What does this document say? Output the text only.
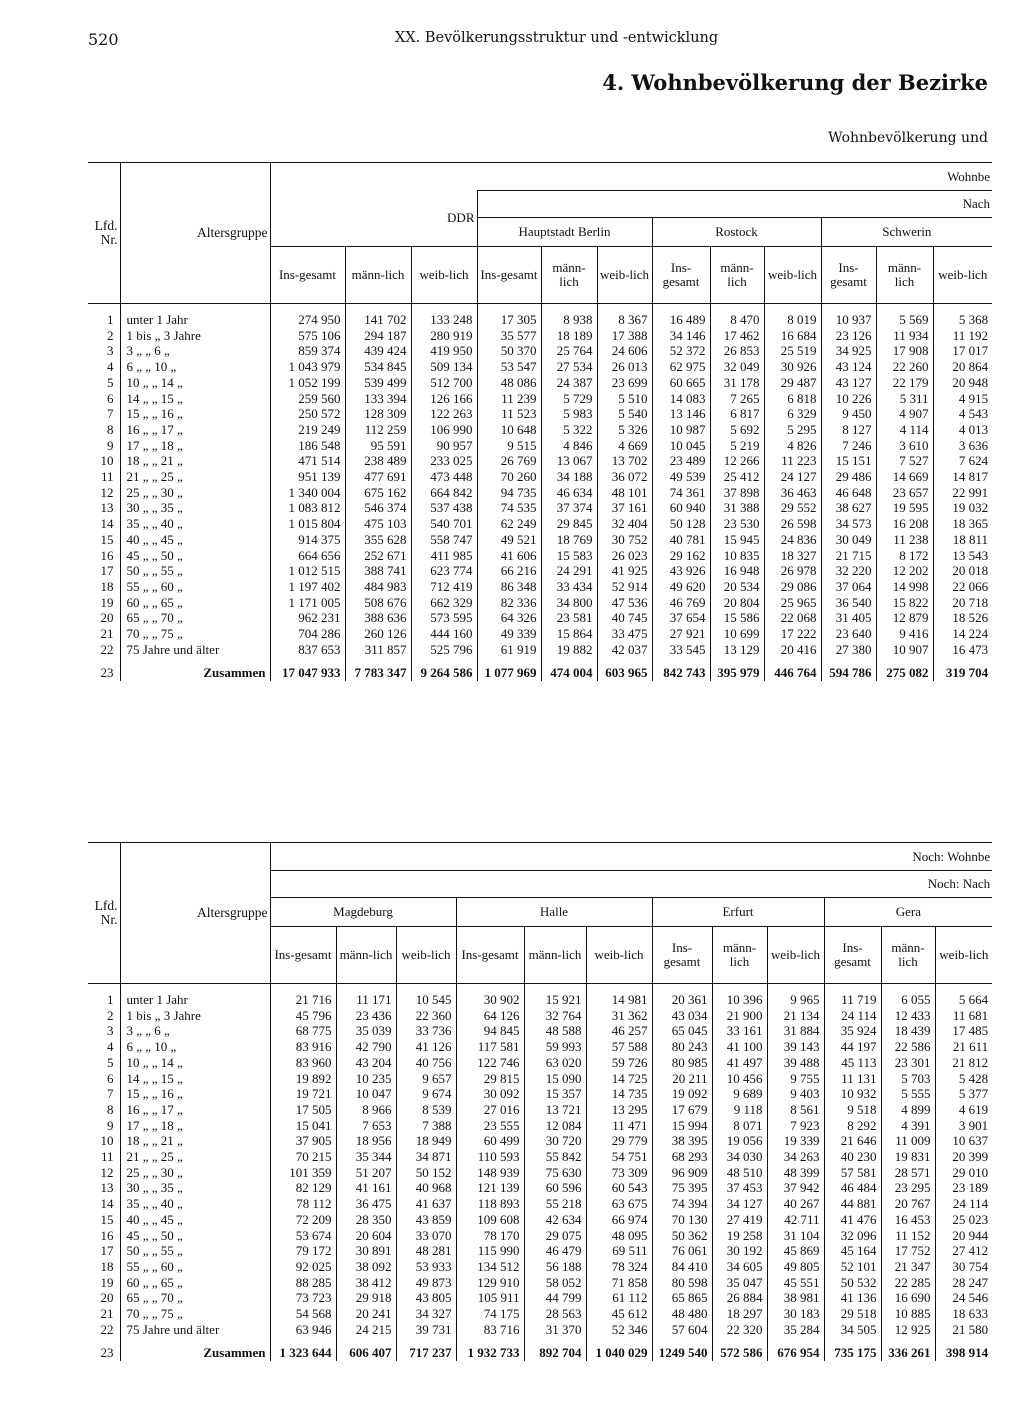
520	XX. Bevölkerungsstruktur und -entwicklung
4. Wohnbevölkerung der Bezirke
Wohnbevölkerung und
Lfd. Nr.	Altersgruppe	Wohnbe											
		DDR			Nach								
					Hauptstadt Berlin			Rostock			Schwerin		
		Ins-gesamt	männ-lich	weib-lich	Ins-gesamt	männ-lich	weib-lich	Ins-gesamt	männ-lich	weib-lich	Ins-gesamt	männ-lich	weib-lich

1	unter 1 Jahr	274 950	141 702	133 248	17 305	8 938	8 367	16 489	8 470	8 019	10 937	5 569	5 368
2	1 bis „ 3 Jahre	575 106	294 187	280 919	35 577	18 189	17 388	34 146	17 462	16 684	23 126	11 934	11 192
3	3 „ „ 6 „	859 374	439 424	419 950	50 370	25 764	24 606	52 372	26 853	25 519	34 925	17 908	17 017
4	6 „ „ 10 „	1 043 979	534 845	509 134	53 547	27 534	26 013	62 975	32 049	30 926	43 124	22 260	20 864
5	10 „ „ 14 „	1 052 199	539 499	512 700	48 086	24 387	23 699	60 665	31 178	29 487	43 127	22 179	20 948
6	14 „ „ 15 „	259 560	133 394	126 166	11 239	5 729	5 510	14 083	7 265	6 818	10 226	5 311	4 915
7	15 „ „ 16 „	250 572	128 309	122 263	11 523	5 983	5 540	13 146	6 817	6 329	9 450	4 907	4 543
8	16 „ „ 17 „	219 249	112 259	106 990	10 648	5 322	5 326	10 987	5 692	5 295	8 127	4 114	4 013
9	17 „ „ 18 „	186 548	95 591	90 957	9 515	4 846	4 669	10 045	5 219	4 826	7 246	3 610	3 636
10	18 „ „ 21 „	471 514	238 489	233 025	26 769	13 067	13 702	23 489	12 266	11 223	15 151	7 527	7 624
11	21 „ „ 25 „	951 139	477 691	473 448	70 260	34 188	36 072	49 539	25 412	24 127	29 486	14 669	14 817
12	25 „ „ 30 „	1 340 004	675 162	664 842	94 735	46 634	48 101	74 361	37 898	36 463	46 648	23 657	22 991
13	30 „ „ 35 „	1 083 812	546 374	537 438	74 535	37 374	37 161	60 940	31 388	29 552	38 627	19 595	19 032
14	35 „ „ 40 „	1 015 804	475 103	540 701	62 249	29 845	32 404	50 128	23 530	26 598	34 573	16 208	18 365
15	40 „ „ 45 „	914 375	355 628	558 747	49 521	18 769	30 752	40 781	15 945	24 836	30 049	11 238	18 811
16	45 „ „ 50 „	664 656	252 671	411 985	41 606	15 583	26 023	29 162	10 835	18 327	21 715	8 172	13 543
17	50 „ „ 55 „	1 012 515	388 741	623 774	66 216	24 291	41 925	43 926	16 948	26 978	32 220	12 202	20 018
18	55 „ „ 60 „	1 197 402	484 983	712 419	86 348	33 434	52 914	49 620	20 534	29 086	37 064	14 998	22 066
19	60 „ „ 65 „	1 171 005	508 676	662 329	82 336	34 800	47 536	46 769	20 804	25 965	36 540	15 822	20 718
20	65 „ „ 70 „	962 231	388 636	573 595	64 326	23 581	40 745	37 654	15 586	22 068	31 405	12 879	18 526
21	70 „ „ 75 „	704 286	260 126	444 160	49 339	15 864	33 475	27 921	10 699	17 222	23 640	9 416	14 224
22	75 Jahre und älter	837 653	311 857	525 796	61 919	19 882	42 037	33 545	13 129	20 416	27 380	10 907	16 473

23	Zusammen	17 047 933	7 783 347	9 264 586	1 077 969	474 004	603 965	842 743	395 979	446 764	594 786	275 082	319 704
Lfd. Nr.	Altersgruppe	Noch: Wohnbe											
		Noch: Nach											
		Magdeburg			Halle			Erfurt			Gera		
		Ins-gesamt	männ-lich	weib-lich	Ins-gesamt	männ-lich	weib-lich	Ins-gesamt	männ-lich	weib-lich	Ins-gesamt	männ-lich	weib-lich

1	unter 1 Jahr	21 716	11 171	10 545	30 902	15 921	14 981	20 361	10 396	9 965	11 719	6 055	5 664
2	1 bis „ 3 Jahre	45 796	23 436	22 360	64 126	32 764	31 362	43 034	21 900	21 134	24 114	12 433	11 681
3	3 „ „ 6 „	68 775	35 039	33 736	94 845	48 588	46 257	65 045	33 161	31 884	35 924	18 439	17 485
4	6 „ „ 10 „	83 916	42 790	41 126	117 581	59 993	57 588	80 243	41 100	39 143	44 197	22 586	21 611
5	10 „ „ 14 „	83 960	43 204	40 756	122 746	63 020	59 726	80 985	41 497	39 488	45 113	23 301	21 812
6	14 „ „ 15 „	19 892	10 235	9 657	29 815	15 090	14 725	20 211	10 456	9 755	11 131	5 703	5 428
7	15 „ „ 16 „	19 721	10 047	9 674	30 092	15 357	14 735	19 092	9 689	9 403	10 932	5 555	5 377
8	16 „ „ 17 „	17 505	8 966	8 539	27 016	13 721	13 295	17 679	9 118	8 561	9 518	4 899	4 619
9	17 „ „ 18 „	15 041	7 653	7 388	23 555	12 084	11 471	15 994	8 071	7 923	8 292	4 391	3 901
10	18 „ „ 21 „	37 905	18 956	18 949	60 499	30 720	29 779	38 395	19 056	19 339	21 646	11 009	10 637
11	21 „ „ 25 „	70 215	35 344	34 871	110 593	55 842	54 751	68 293	34 030	34 263	40 230	19 831	20 399
12	25 „ „ 30 „	101 359	51 207	50 152	148 939	75 630	73 309	96 909	48 510	48 399	57 581	28 571	29 010
13	30 „ „ 35 „	82 129	41 161	40 968	121 139	60 596	60 543	75 395	37 453	37 942	46 484	23 295	23 189
14	35 „ „ 40 „	78 112	36 475	41 637	118 893	55 218	63 675	74 394	34 127	40 267	44 881	20 767	24 114
15	40 „ „ 45 „	72 209	28 350	43 859	109 608	42 634	66 974	70 130	27 419	42 711	41 476	16 453	25 023
16	45 „ „ 50 „	53 674	20 604	33 070	78 170	29 075	48 095	50 362	19 258	31 104	32 096	11 152	20 944
17	50 „ „ 55 „	79 172	30 891	48 281	115 990	46 479	69 511	76 061	30 192	45 869	45 164	17 752	27 412
18	55 „ „ 60 „	92 025	38 092	53 933	134 512	56 188	78 324	84 410	34 605	49 805	52 101	21 347	30 754
19	60 „ „ 65 „	88 285	38 412	49 873	129 910	58 052	71 858	80 598	35 047	45 551	50 532	22 285	28 247
20	65 „ „ 70 „	73 723	29 918	43 805	105 911	44 799	61 112	65 865	26 884	38 981	41 136	16 690	24 546
21	70 „ „ 75 „	54 568	20 241	34 327	74 175	28 563	45 612	48 480	18 297	30 183	29 518	10 885	18 633
22	75 Jahre und älter	63 946	24 215	39 731	83 716	31 370	52 346	57 604	22 320	35 284	34 505	12 925	21 580

23	Zusammen	1 323 644	606 407	717 237	1 932 733	892 704	1 040 029	1249 540	572 586	676 954	735 175	336 261	398 914
